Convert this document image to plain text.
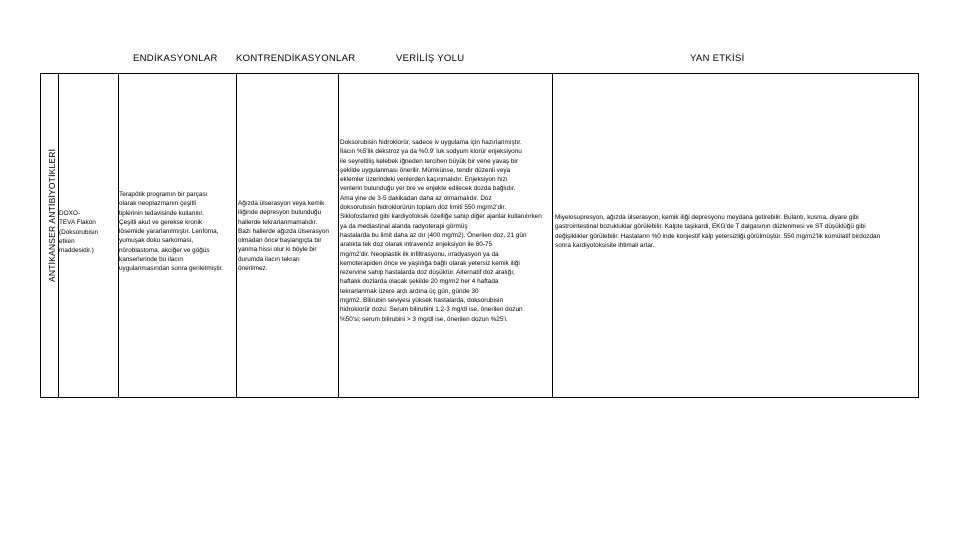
ENDİKASYONLAR KONTRENDİKASYONLAR	VERİLİŞ YOLU	YAN ETKİSİ
ANTİKANSER ANTİBİYOTİKLERİ DOXO-
TEVA Flakon
(Doksorubisin
etken
maddesidir.)
Terapötik programın bir parçası
olarak neoplazmanın çeşitli
tiplerinin tedavisinde kullanılır.
Çeşitli akut ve gerekse kronik
lösemide yararlanılmıştır. Lenfoma,
yumuşak doku sarkoması,
nöroblastoma, akciğer ve göğüs
kanserlerinde bu ilacın
uygulanmasından sonra geriletmiştir.
Ağızda ülserasyon veya kemik
iliğinde depresyon bulunduğu
hallerde tekrarlanmamalıdır.
Bazı hallerde ağızda ülserasyon
olmadan önce başlangıçta bir
yanma hissi olur ki böyle bir
durumda ilacın tekrarı
önerilmez.
Doksorubisin hidroklorür, sadece iv uygulama için hazırlanmıştır.
İlacın %5'lik dekstroz ya da %0.9' luk sodyum klorür enjeksiyonu
ile seyreltiliş kelebek iğneden tercihen büyük bir vene yavaş bir
şekilde uygulanması önerilir. Mümkünse, tendir düzenli veya
eklemler üzerindeki venlerden kaçınmalıdır. Enjeksiyon hızı
venlerin bulunduğu yer bre ve enjekte edilecek dozda bağlıdır.
Ama yine de 3-5 dakikadan daha az olmamalıdır. Doz
doksorubisin hidroklorürün toplam doz limiti 550 mg/m2'dir.
Siklofosfamid gibi kardiyotoksik özelliğe sahip diğer ajanlar kullanılırken
ya da mediastinal alanda radyoterapi görmüş
hastalarda bu limit daha az dır (400 mg/m2). Önerilen doz, 21 gün
aralıkta tek doz olarak intravenöz enjeksiyon ile 60-75
mg/m2'dir. Neoplastik ilk infiltrasyonu, irradyasyon ya da
kemoterapiden önce ve yaşlılığa bağlı olarak yetersiz kemik iliği
rezervine sahip hastalarda doz düşüktür. Alternatif doz aralığı;
haftalık dozlarda olacak şekilde 20 mg/m2 her 4 haftada
tekrarlanmak üzere ardı ardına üç gün, günde 30
mg/m2. Bilirubin seviyesi yüksek hastalarda, doksorubisin
hidroklorür dozu: Serum bilirubini 1.2-3 mg/dl ise, önerilen dozun
%50'si; serum bilirubini > 3 mg/dl ise, önerilen dozun %25'i.
Miyelosupresyon, ağızda ülserasyon, kemik iliği depresyonu meydana getirebilir. Bulantı, kusma, diyare gibi
gastrointestinal bozukluklar görülebilir. Kalpte taşikardi, EKG'de T dalgasının düzlenmesi ve ST düşüklüğü gibi
değişiklikler görülebilir. Hastaların %0 inde konjestif kalp yetersizliği görülmüştür. 550 mg/m2'lik kümülatif birdozdan
sonra kardiyotoksisite ihtimali artar.
